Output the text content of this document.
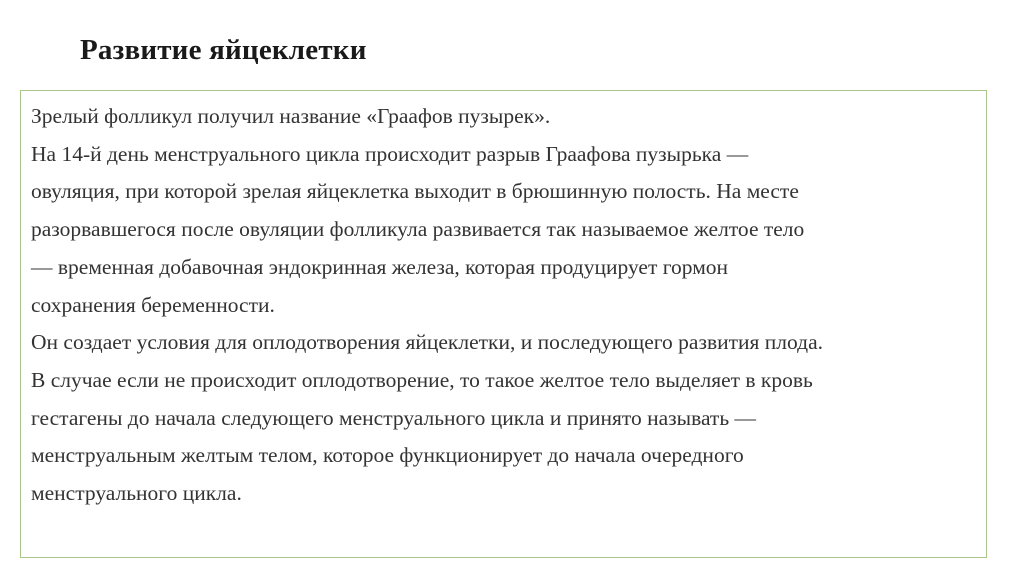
Развитие яйцеклетки

Зрелый фолликул получил название «Граафов пузырек».

На 14-й день менструального цикла происходит разрыв Граафова пузырька —

овуляция, при которой зрелая яйцеклетка выходит в брюшинную полость. На месте

разорвавшегося после овуляции фолликула развивается так называемое желтое тело

— временная добавочная эндокринная железа, которая продуцирует гормон

сохранения беременности.

Он создает условия для оплодотворения яйцеклетки, и последующего развития плода.

В случае если не происходит оплодотворение, то такое желтое тело выделяет в кровь

гестагены до начала следующего менструального цикла и принято называть —

менструальным желтым телом, которое функционирует до начала очередного

менструального цикла.
